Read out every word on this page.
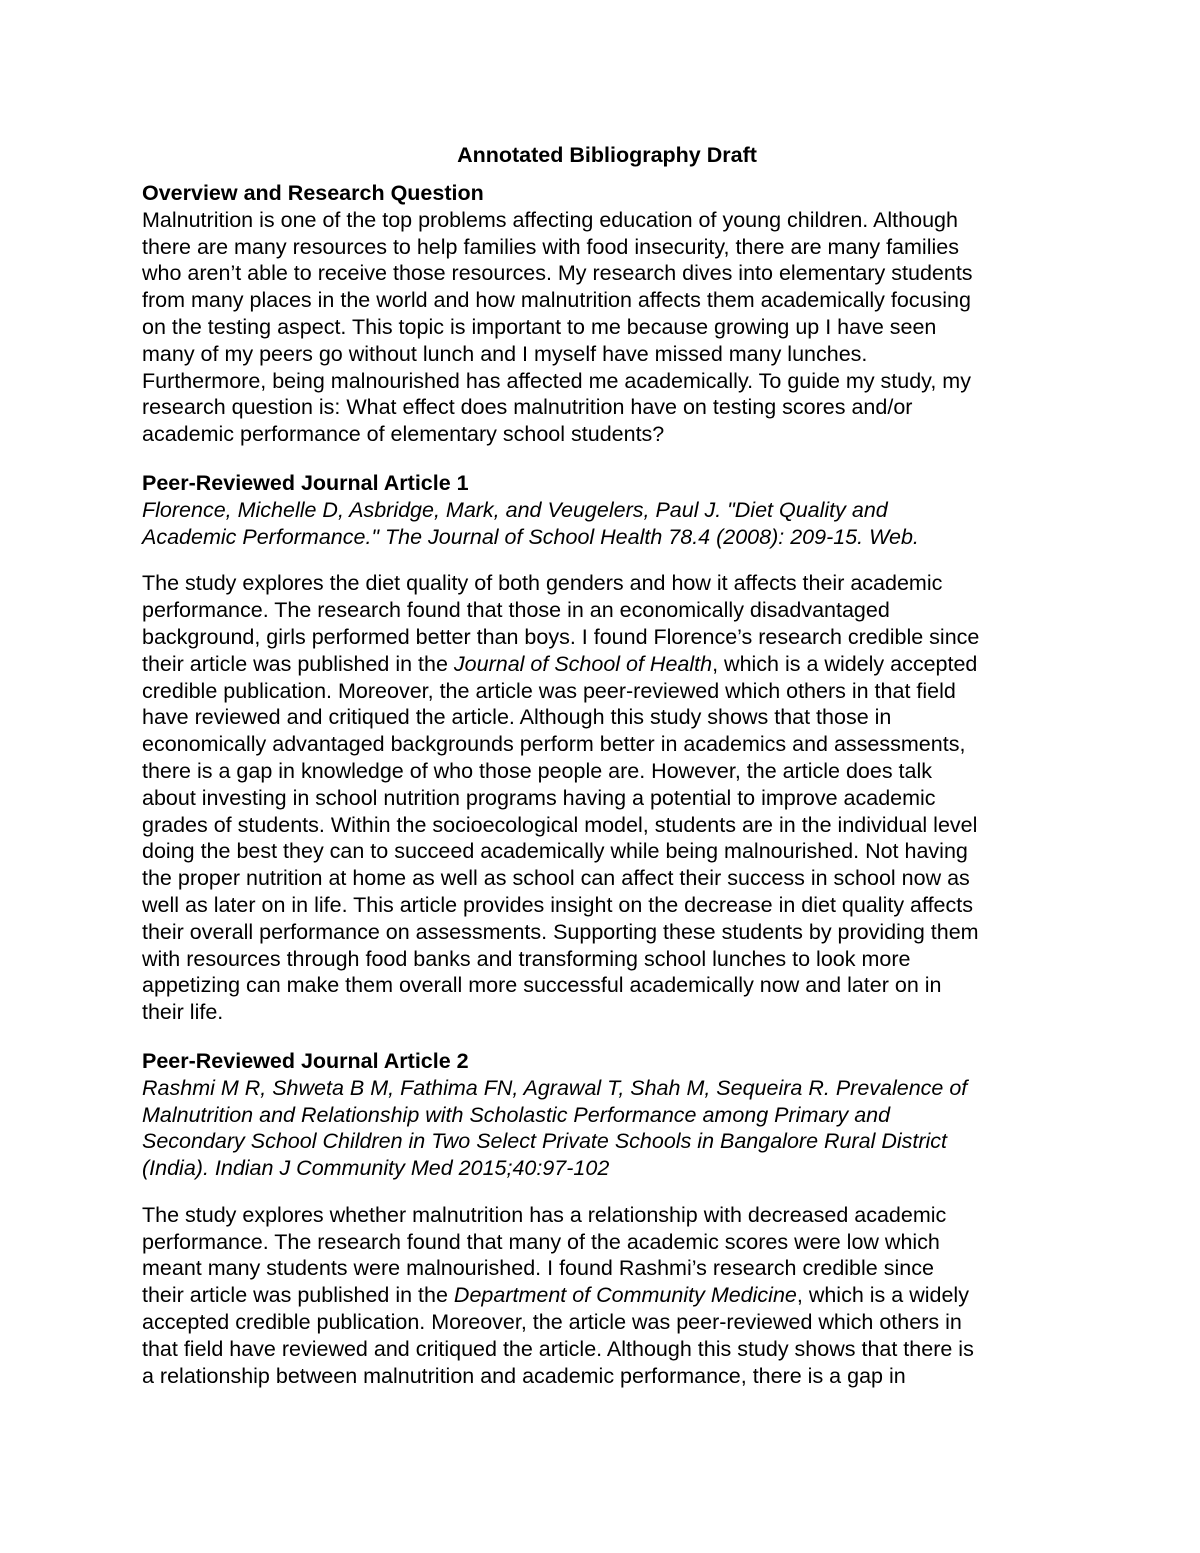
Annotated Bibliography Draft
Overview and Research Question

Malnutrition is one of the top problems affecting education of young children. Although
there are many resources to help families with food insecurity, there are many families
who aren’t able to receive those resources. My research dives into elementary students
from many places in the world and how malnutrition affects them academically focusing
on the testing aspect. This topic is important to me because growing up I have seen
many of my peers go without lunch and I myself have missed many lunches.
Furthermore, being malnourished has affected me academically. To guide my study, my
research question is: What effect does malnutrition have on testing scores and/or
academic performance of elementary school students?

Peer-Reviewed Journal Article 1

Florence, Michelle D, Asbridge, Mark, and Veugelers, Paul J. "Diet Quality and
Academic Performance." The Journal of School Health 78.4 (2008): 209-15. Web.

The study explores the diet quality of both genders and how it affects their academic
performance. The research found that those in an economically disadvantaged
background, girls performed better than boys. I found Florence’s research credible since
their article was published in the Journal of School of Health, which is a widely accepted
credible publication. Moreover, the article was peer-reviewed which others in that field
have reviewed and critiqued the article. Although this study shows that those in
economically advantaged backgrounds perform better in academics and assessments,
there is a gap in knowledge of who those people are. However, the article does talk
about investing in school nutrition programs having a potential to improve academic
grades of students. Within the socioecological model, students are in the individual level
doing the best they can to succeed academically while being malnourished. Not having
the proper nutrition at home as well as school can affect their success in school now as
well as later on in life. This article provides insight on the decrease in diet quality affects
their overall performance on assessments. Supporting these students by providing them
with resources through food banks and transforming school lunches to look more
appetizing can make them overall more successful academically now and later on in
their life.

Peer-Reviewed Journal Article 2

Rashmi M R, Shweta B M, Fathima FN, Agrawal T, Shah M, Sequeira R. Prevalence of
Malnutrition and Relationship with Scholastic Performance among Primary and
Secondary School Children in Two Select Private Schools in Bangalore Rural District
(India). Indian J Community Med 2015;40:97-102

The study explores whether malnutrition has a relationship with decreased academic
performance. The research found that many of the academic scores were low which
meant many students were malnourished. I found Rashmi’s research credible since
their article was published in the Department of Community Medicine, which is a widely
accepted credible publication. Moreover, the article was peer-reviewed which others in
that field have reviewed and critiqued the article. Although this study shows that there is
a relationship between malnutrition and academic performance, there is a gap in
